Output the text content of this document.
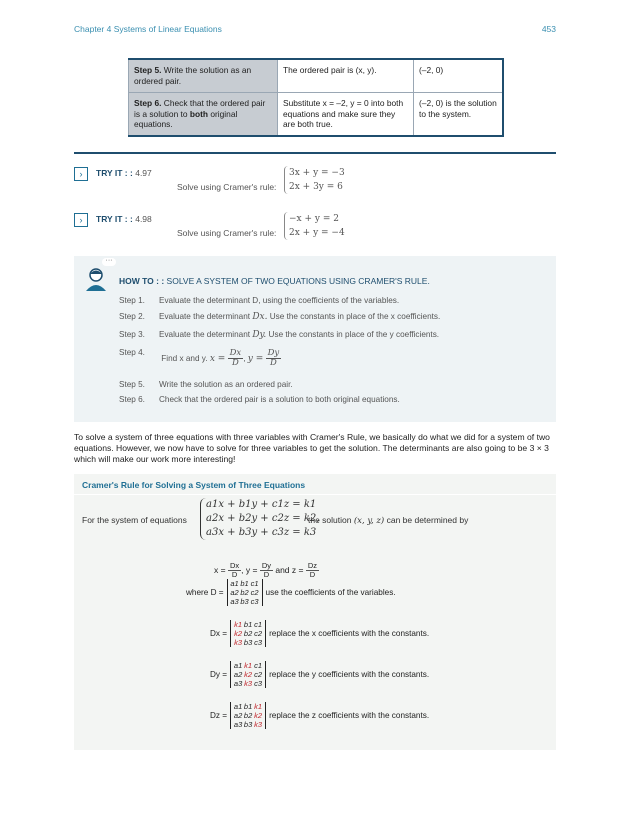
Chapter 4 Systems of Linear Equations	453
Step 5. Write the solution as an ordered pair.	The ordered pair is (x, y).	(–2, 0)
Step 6. Check that the ordered pair is a solution to both original equations.	Substitute x = –2, y = 0 into both equations and make sure they are both true.	(–2, 0) is the solution to the system.
›	TRY IT : : 4.97
Solve using Cramer's rule:
3x + y = −3
2x + 3y = 6
›	TRY IT : : 4.98
Solve using Cramer's rule:
−x + y = 2
2x + y = −4
···
HOW TO : : SOLVE A SYSTEM OF TWO EQUATIONS USING CRAMER'S RULE.
Step 1. Evaluate the determinant D, using the coefficients of the variables.
Step 2. Evaluate the determinant Dx. Use the constants in place of the x coefficients.
Step 3. Evaluate the determinant Dy. Use the constants in place of the y coefficients.
Step 4. Find x and y. $x = \frac{Dx}{D}$ , $y = \frac{Dy}{D}$
Step 5. Write the solution as an ordered pair.
Step 6. Check that the ordered pair is a solution to both original equations.
To solve a system of three equations with three variables with Cramer's Rule, we basically do what we did for a system of two equations. However, we now have to solve for three variables to get the solution. The determinants are also going to be 3 × 3 which will make our work more interesting!
Cramer's Rule for Solving a System of Three Equations
For the system of equations
a1x + b1y + c1z = k1
a2x + b2y + c2z = k2,
a3x + b3y + c3z = k3
the solution (x, y, z) can be determined by
$x = \frac{Dx}{D}$ , $y = \frac{Dy}{D}$ and $z = \frac{Dz}{D}$
where D =a1 b1 c1
a2 b2 c2
a3 b3 c3use the coefficients of the variables.
Dx =k1 b1 c1
k2 b2 c2
k3 b3 c3replace the x coefficients with the constants.
Dy =a1 k1 c1
a2 k2 c2
a3 k3 c3replace the y coefficients with the constants.
Dz =a1 b1 k1
a2 b2 k2
a3 b3 k3replace the z coefficients with the constants.
